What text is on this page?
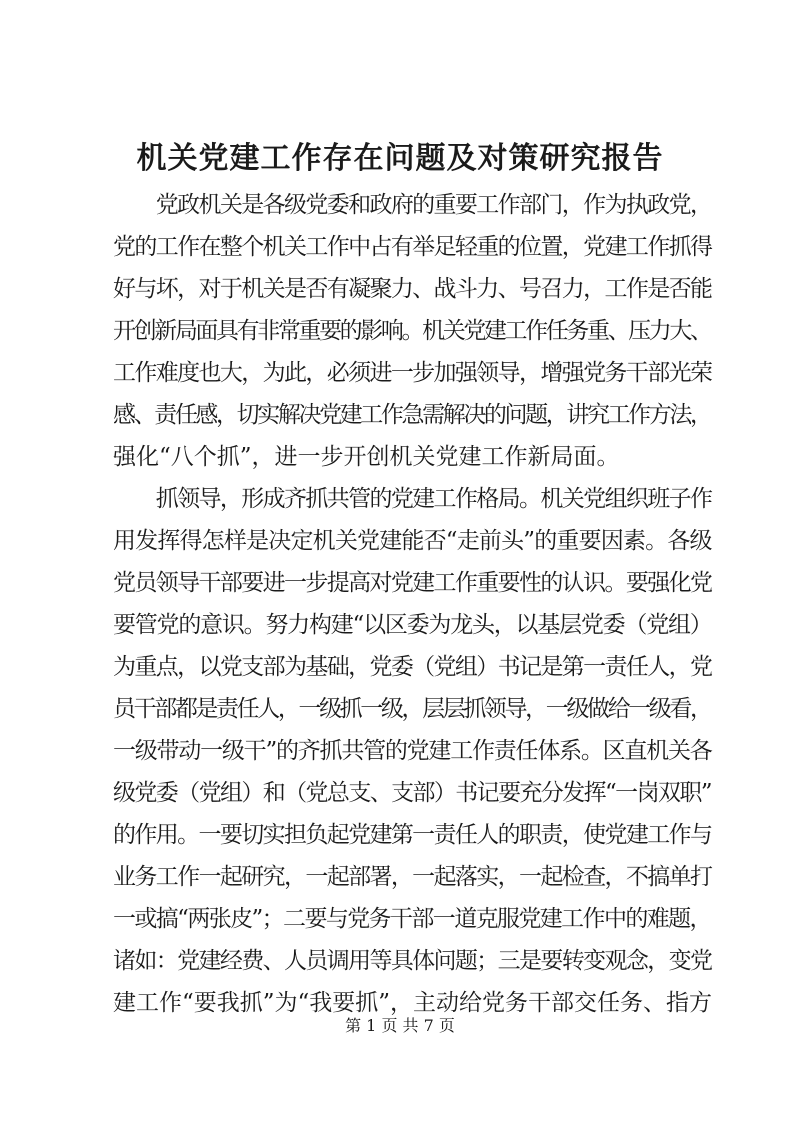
机关党建工作存在问题及对策研究报告
　　党政机关是各级党委和政府的重要工作部门，作为执政党，
党的工作在整个机关工作中占有举足轻重的位置，党建工作抓得
好与坏，对于机关是否有凝聚力、战斗力、号召力，工作是否能
开创新局面具有非常重要的影响。机关党建工作任务重、压力大、
工作难度也大，为此，必须进一步加强领导，增强党务干部光荣
感、责任感，切实解决党建工作急需解决的问题，讲究工作方法，
强化“八个抓”，进一步开创机关党建工作新局面。
　　抓领导，形成齐抓共管的党建工作格局。机关党组织班子作
用发挥得怎样是决定机关党建能否“走前头”的重要因素。各级
党员领导干部要进一步提高对党建工作重要性的认识。要强化党
要管党的意识。努力构建“以区委为龙头，以基层党委（党组）
为重点，以党支部为基础，党委（党组）书记是第一责任人，党
员干部都是责任人，一级抓一级，层层抓领导，一级做给一级看，
一级带动一级干”的齐抓共管的党建工作责任体系。区直机关各
级党委（党组）和（党总支、支部）书记要充分发挥“一岗双职”
的作用。一要切实担负起党建第一责任人的职责，使党建工作与
业务工作一起研究，一起部署，一起落实，一起检查，不搞单打
一或搞“两张皮”；二要与党务干部一道克服党建工作中的难题，
诸如：党建经费、人员调用等具体问题；三是要转变观念，变党
建工作“要我抓”为“我要抓”，主动给党务干部交任务、指方
第 1 页 共 7 页
